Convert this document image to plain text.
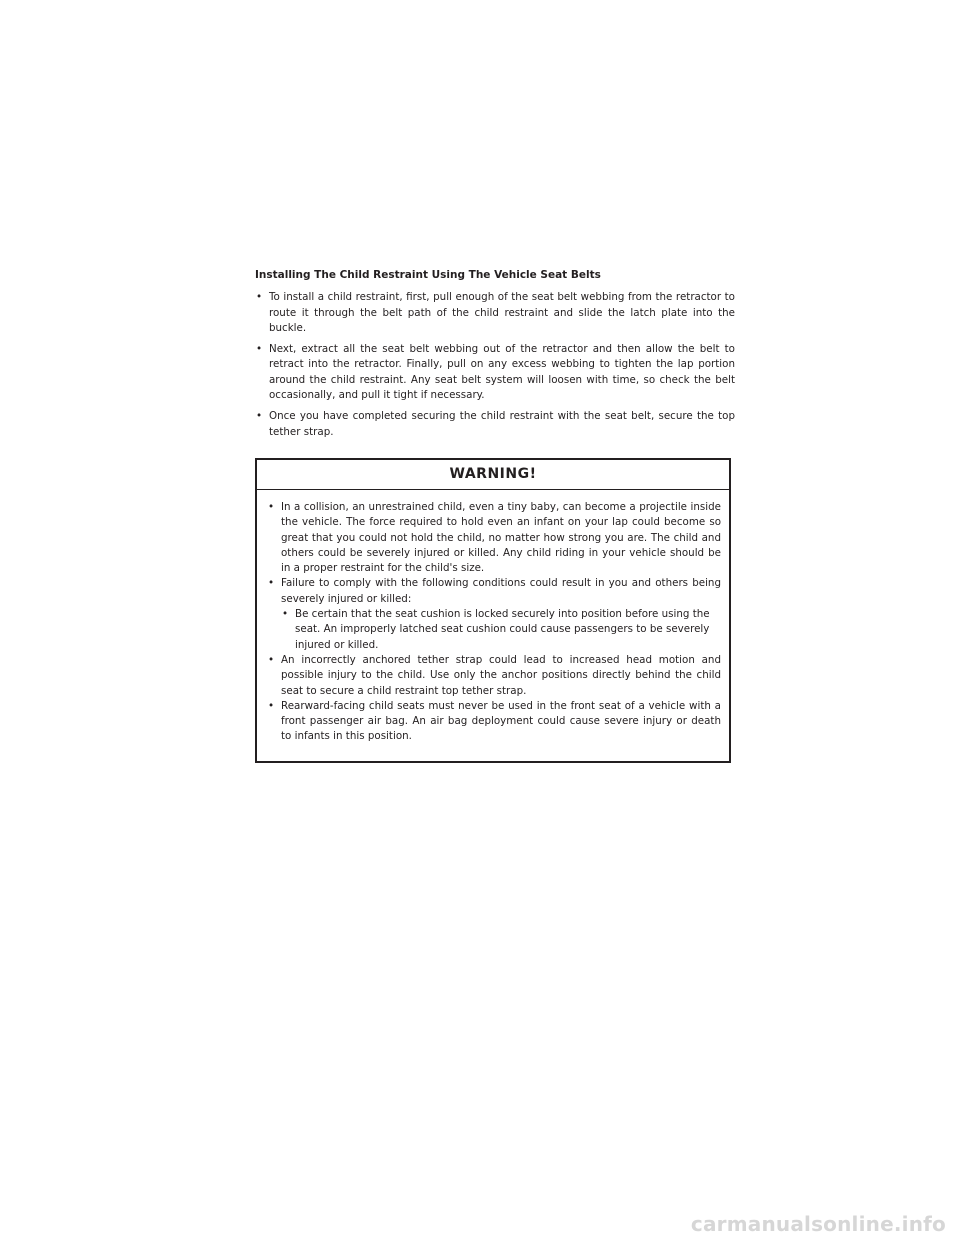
Installing The Child Restraint Using The Vehicle Seat Belts
• To install a child restraint, first, pull enough of the seat belt webbing from the retractor to route it through the belt path of the child restraint and slide the latch plate into the buckle.
• Next, extract all the seat belt webbing out of the retractor and then allow the belt to retract into the retractor. Finally, pull on any excess webbing to tighten the lap portion around the child restraint. Any seat belt system will loosen with time, so check the belt occasionally, and pull it tight if necessary.
• Once you have completed securing the child restraint with the seat belt, secure the top tether strap.
WARNING!
• In a collision, an unrestrained child, even a tiny baby, can become a projectile inside the vehicle. The force required to hold even an infant on your lap could become so great that you could not hold the child, no matter how strong you are. The child and others could be severely injured or killed. Any child riding in your vehicle should be in a proper restraint for the child's size.
• Failure to comply with the following conditions could result in you and others being severely injured or killed:
• Be certain that the seat cushion is locked securely into position before using the seat. An improperly latched seat cushion could cause passengers to be severely injured or killed.
• An incorrectly anchored tether strap could lead to increased head motion and possible injury to the child. Use only the anchor positions directly behind the child seat to secure a child restraint top tether strap.
• Rearward-facing child seats must never be used in the front seat of a vehicle with a front passenger air bag. An air bag deployment could cause severe injury or death to infants in this position.
carmanualsonline.info
